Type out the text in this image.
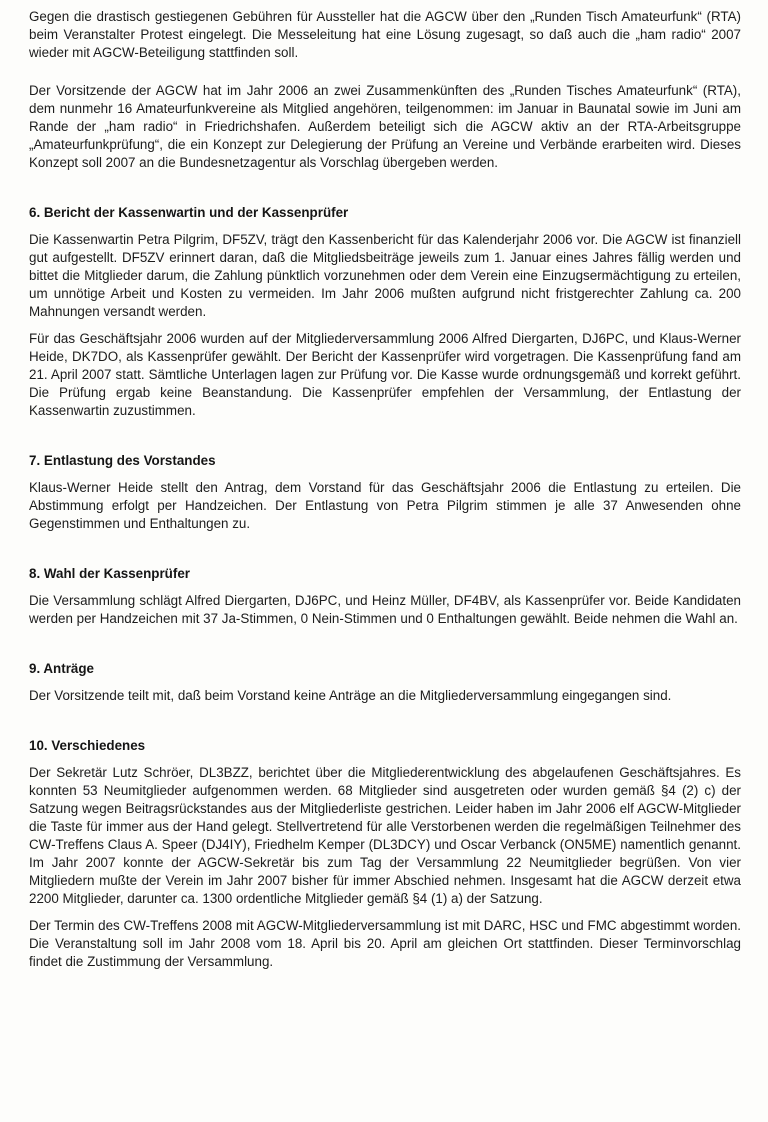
Gegen die drastisch gestiegenen Gebühren für Aussteller hat die AGCW über den „Runden Tisch Amateurfunk“ (RTA) beim Veranstalter Protest eingelegt. Die Messeleitung hat eine Lösung zugesagt, so daß auch die „ham radio“ 2007 wieder mit AGCW-Beteiligung stattfinden soll.

Der Vorsitzende der AGCW hat im Jahr 2006 an zwei Zusammenkünften des „Runden Tisches Amateurfunk“ (RTA), dem nunmehr 16 Amateurfunkvereine als Mitglied angehören, teilgenommen: im Januar in Baunatal sowie im Juni am Rande der „ham radio“ in Friedrichshafen. Außerdem beteiligt sich die AGCW aktiv an der RTA-Arbeitsgruppe „Amateurfunkprüfung“, die ein Konzept zur Delegierung der Prüfung an Vereine und Verbände erarbeiten wird. Dieses Konzept soll 2007 an die Bundesnetzagentur als Vorschlag übergeben werden.

6. Bericht der Kassenwartin und der Kassenprüfer

Die Kassenwartin Petra Pilgrim, DF5ZV, trägt den Kassenbericht für das Kalenderjahr 2006 vor. Die AGCW ist finanziell gut aufgestellt. DF5ZV erinnert daran, daß die Mitgliedsbeiträge jeweils zum 1. Januar eines Jahres fällig werden und bittet die Mitglieder darum, die Zahlung pünktlich vorzunehmen oder dem Verein eine Einzugsermächtigung zu erteilen, um unnötige Arbeit und Kosten zu vermeiden. Im Jahr 2006 mußten aufgrund nicht fristgerechter Zahlung ca. 200 Mahnungen versandt werden.

Für das Geschäftsjahr 2006 wurden auf der Mitgliederversammlung 2006 Alfred Diergarten, DJ6PC, und Klaus-Werner Heide, DK7DO, als Kassenprüfer gewählt. Der Bericht der Kassenprüfer wird vorgetragen. Die Kassenprüfung fand am 21. April 2007 statt. Sämtliche Unterlagen lagen zur Prüfung vor. Die Kasse wurde ordnungsgemäß und korrekt geführt. Die Prüfung ergab keine Beanstandung. Die Kassenprüfer empfehlen der Versammlung, der Entlastung der Kassenwartin zuzustimmen.

7. Entlastung des Vorstandes

Klaus-Werner Heide stellt den Antrag, dem Vorstand für das Geschäftsjahr 2006 die Entlastung zu erteilen. Die Abstimmung erfolgt per Handzeichen. Der Entlastung von Petra Pilgrim stimmen je alle 37 Anwesenden ohne Gegenstimmen und Enthaltungen zu.

8. Wahl der Kassenprüfer

Die Versammlung schlägt Alfred Diergarten, DJ6PC, und Heinz Müller, DF4BV, als Kassenprüfer vor. Beide Kandidaten werden per Handzeichen mit 37 Ja-Stimmen, 0 Nein-Stimmen und 0 Enthaltungen gewählt. Beide nehmen die Wahl an.

9. Anträge

Der Vorsitzende teilt mit, daß beim Vorstand keine Anträge an die Mitgliederversammlung eingegangen sind.

10. Verschiedenes

Der Sekretär Lutz Schröer, DL3BZZ, berichtet über die Mitgliederentwicklung des abgelaufenen Geschäftsjahres. Es konnten 53 Neumitglieder aufgenommen werden. 68 Mitglieder sind ausgetreten oder wurden gemäß §4 (2) c) der Satzung wegen Beitragsrückstandes aus der Mitgliederliste gestrichen. Leider haben im Jahr 2006 elf AGCW-Mitglieder die Taste für immer aus der Hand gelegt. Stellvertretend für alle Verstorbenen werden die regelmäßigen Teilnehmer des CW-Treffens Claus A. Speer (DJ4IY), Friedhelm Kemper (DL3DCY) und Oscar Verbanck (ON5ME) namentlich genannt. Im Jahr 2007 konnte der AGCW-Sekretär bis zum Tag der Versammlung 22 Neumitglieder begrüßen. Von vier Mitgliedern mußte der Verein im Jahr 2007 bisher für immer Abschied nehmen. Insgesamt hat die AGCW derzeit etwa 2200 Mitglieder, darunter ca. 1300 ordentliche Mitglieder gemäß §4 (1) a) der Satzung.

Der Termin des CW-Treffens 2008 mit AGCW-Mitgliederversammlung ist mit DARC, HSC und FMC abgestimmt worden. Die Veranstaltung soll im Jahr 2008 vom 18. April bis 20. April am gleichen Ort stattfinden. Dieser Terminvorschlag findet die Zustimmung der Versammlung.
